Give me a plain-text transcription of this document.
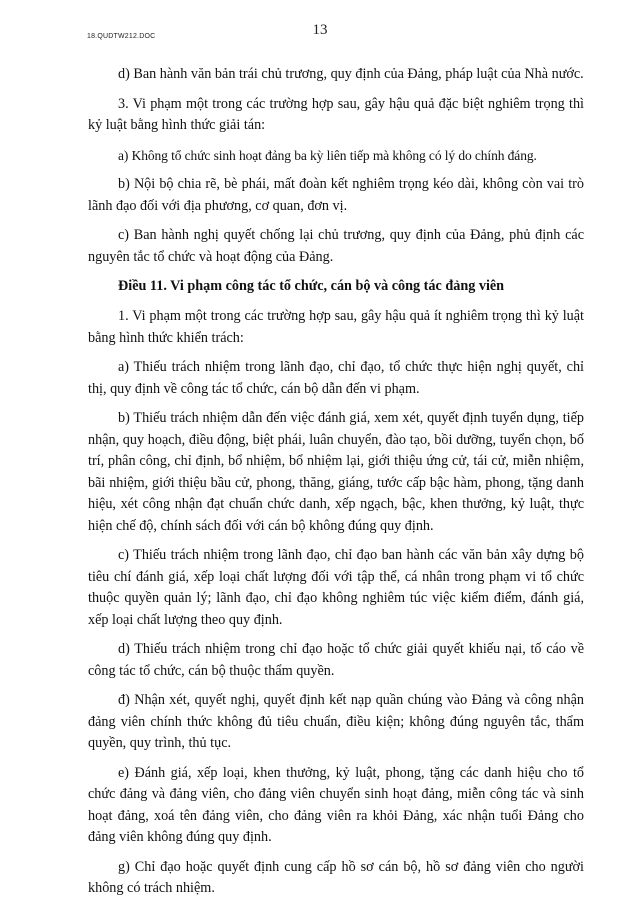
18.QUDTW212.DOC	13

d) Ban hành văn bản trái chủ trương, quy định của Đảng, pháp luật của Nhà nước.

3. Vi phạm một trong các trường hợp sau, gây hậu quả đặc biệt nghiêm trọng thì kỷ luật bằng hình thức giải tán:

a) Không tổ chức sinh hoạt đảng ba kỳ liên tiếp mà không có lý do chính đáng.

b) Nội bộ chia rẽ, bè phái, mất đoàn kết nghiêm trọng kéo dài, không còn vai trò lãnh đạo đối với địa phương, cơ quan, đơn vị.

c) Ban hành nghị quyết chống lại chủ trương, quy định của Đảng, phủ định các nguyên tắc tổ chức và hoạt động của Đảng.

Điều 11. Vi phạm công tác tổ chức, cán bộ và công tác đảng viên

1. Vi phạm một trong các trường hợp sau, gây hậu quả ít nghiêm trọng thì kỷ luật bằng hình thức khiển trách:

a) Thiếu trách nhiệm trong lãnh đạo, chỉ đạo, tổ chức thực hiện nghị quyết, chỉ thị, quy định về công tác tổ chức, cán bộ dẫn đến vi phạm.

b) Thiếu trách nhiệm dẫn đến việc đánh giá, xem xét, quyết định tuyển dụng, tiếp nhận, quy hoạch, điều động, biệt phái, luân chuyển, đào tạo, bồi dưỡng, tuyển chọn, bố trí, phân công, chỉ định, bổ nhiệm, bổ nhiệm lại, giới thiệu ứng cử, tái cử, miễn nhiệm, bãi nhiệm, giới thiệu bầu cử, phong, thăng, giáng, tước cấp bậc hàm, phong, tặng danh hiệu, xét công nhận đạt chuẩn chức danh, xếp ngạch, bậc, khen thưởng, kỷ luật, thực hiện chế độ, chính sách đối với cán bộ không đúng quy định.

c) Thiếu trách nhiệm trong lãnh đạo, chỉ đạo ban hành các văn bản xây dựng bộ tiêu chí đánh giá, xếp loại chất lượng đối với tập thể, cá nhân trong phạm vi tổ chức thuộc quyền quản lý; lãnh đạo, chỉ đạo không nghiêm túc việc kiểm điểm, đánh giá, xếp loại chất lượng theo quy định.

d) Thiếu trách nhiệm trong chỉ đạo hoặc tổ chức giải quyết khiếu nại, tố cáo về công tác tổ chức, cán bộ thuộc thẩm quyền.

đ) Nhận xét, quyết nghị, quyết định kết nạp quần chúng vào Đảng và công nhận đảng viên chính thức không đủ tiêu chuẩn, điều kiện; không đúng nguyên tắc, thẩm quyền, quy trình, thủ tục.

e) Đánh giá, xếp loại, khen thưởng, kỷ luật, phong, tặng các danh hiệu cho tổ chức đảng và đảng viên, cho đảng viên chuyển sinh hoạt đảng, miễn công tác và sinh hoạt đảng, xoá tên đảng viên, cho đảng viên ra khỏi Đảng, xác nhận tuổi Đảng cho đảng viên không đúng quy định.

g) Chỉ đạo hoặc quyết định cung cấp hồ sơ cán bộ, hồ sơ đảng viên cho người không có trách nhiệm.
